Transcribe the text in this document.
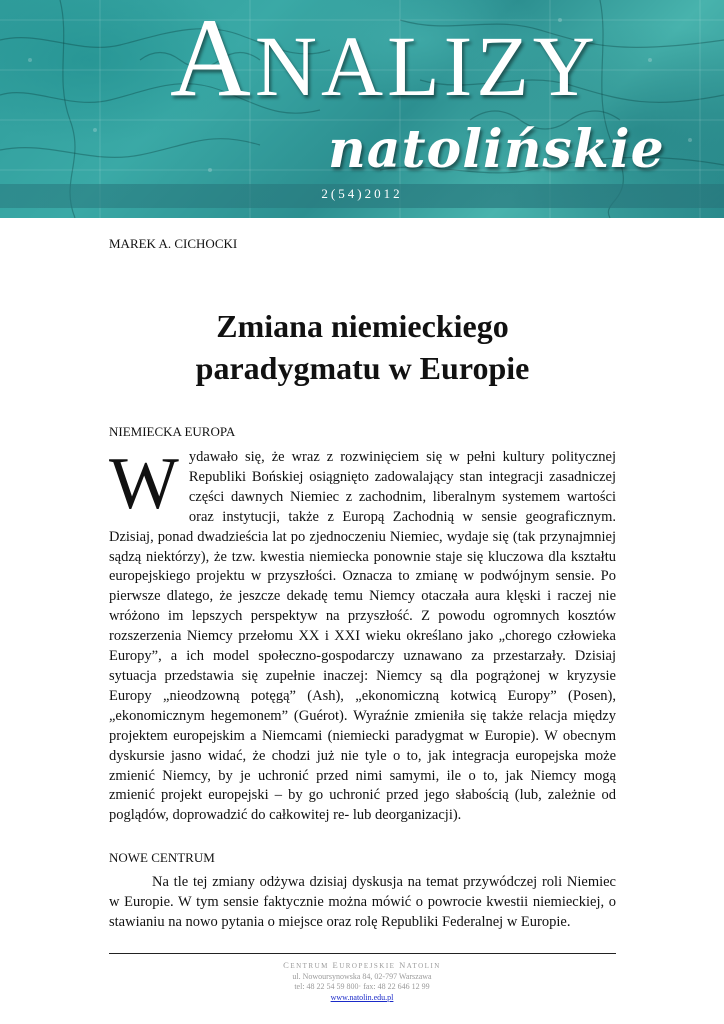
ANALIZY
natolińskie
2(54)2012
MAREK A. CICHOCKI
Zmiana niemieckiego
paradygmatu w Europie
NIEMIECKA EUROPA
Wydawało się, że wraz z rozwinięciem się w pełni kultury politycznej Republiki Bońskiej osiągnięto zadowalający stan integracji zasadniczej części dawnych Niemiec z zachodnim, liberalnym systemem wartości oraz instytucji, także z Europą Zachodnią w sensie geograficznym. Dzisiaj, ponad dwadzieścia lat po zjednoczeniu Niemiec, wydaje się (tak przynajmniej sądzą niektórzy), że tzw. kwestia niemiecka ponownie staje się kluczowa dla kształtu europejskiego projektu w przyszłości. Oznacza to zmianę w podwójnym sensie. Po pierwsze dlatego, że jeszcze dekadę temu Niemcy otaczała aura klęski i raczej nie wróżono im lepszych perspektyw na przyszłość. Z powodu ogromnych kosztów rozszerzenia Niemcy przełomu XX i XXI wieku określano jako „chorego człowieka Europy”, a ich model społeczno-gospodarczy uznawano za przestarzały. Dzisiaj sytuacja przedstawia się zupełnie inaczej: Niemcy są dla pogrążonej w kryzysie Europy „nieodzowną potęgą” (Ash), „ekonomiczną kotwicą Europy” (Posen), „ekonomicznym hegemonem” (Guérot). Wyraźnie zmieniła się także relacja między projektem europejskim a Niemcami (niemiecki paradygmat w Europie). W obecnym dyskursie jasno widać, że chodzi już nie tyle o to, jak integracja europejska może zmienić Niemcy, by je uchronić przed nimi samymi, ile o to, jak Niemcy mogą zmienić projekt europejski – by go uchronić przed jego słabością (lub, zależnie od poglądów, doprowadzić do całkowitej re- lub deorganizacji).
NOWE CENTRUM
Na tle tej zmiany odżywa dzisiaj dyskusja na temat przywódczej roli Niemiec w Europie. W tym sensie faktycznie można mówić o powrocie kwestii niemieckiej, o stawianiu na nowo pytania o miejsce oraz rolę Republiki Federalnej w Europie.
CENTRUM EUROPEJSKIE NATOLIN
ul. Nowoursynowska 84, 02-797 Warszawa
tel: 48 22 54 59 800· fax: 48 22 646 12 99
www.natolin.edu.pl
